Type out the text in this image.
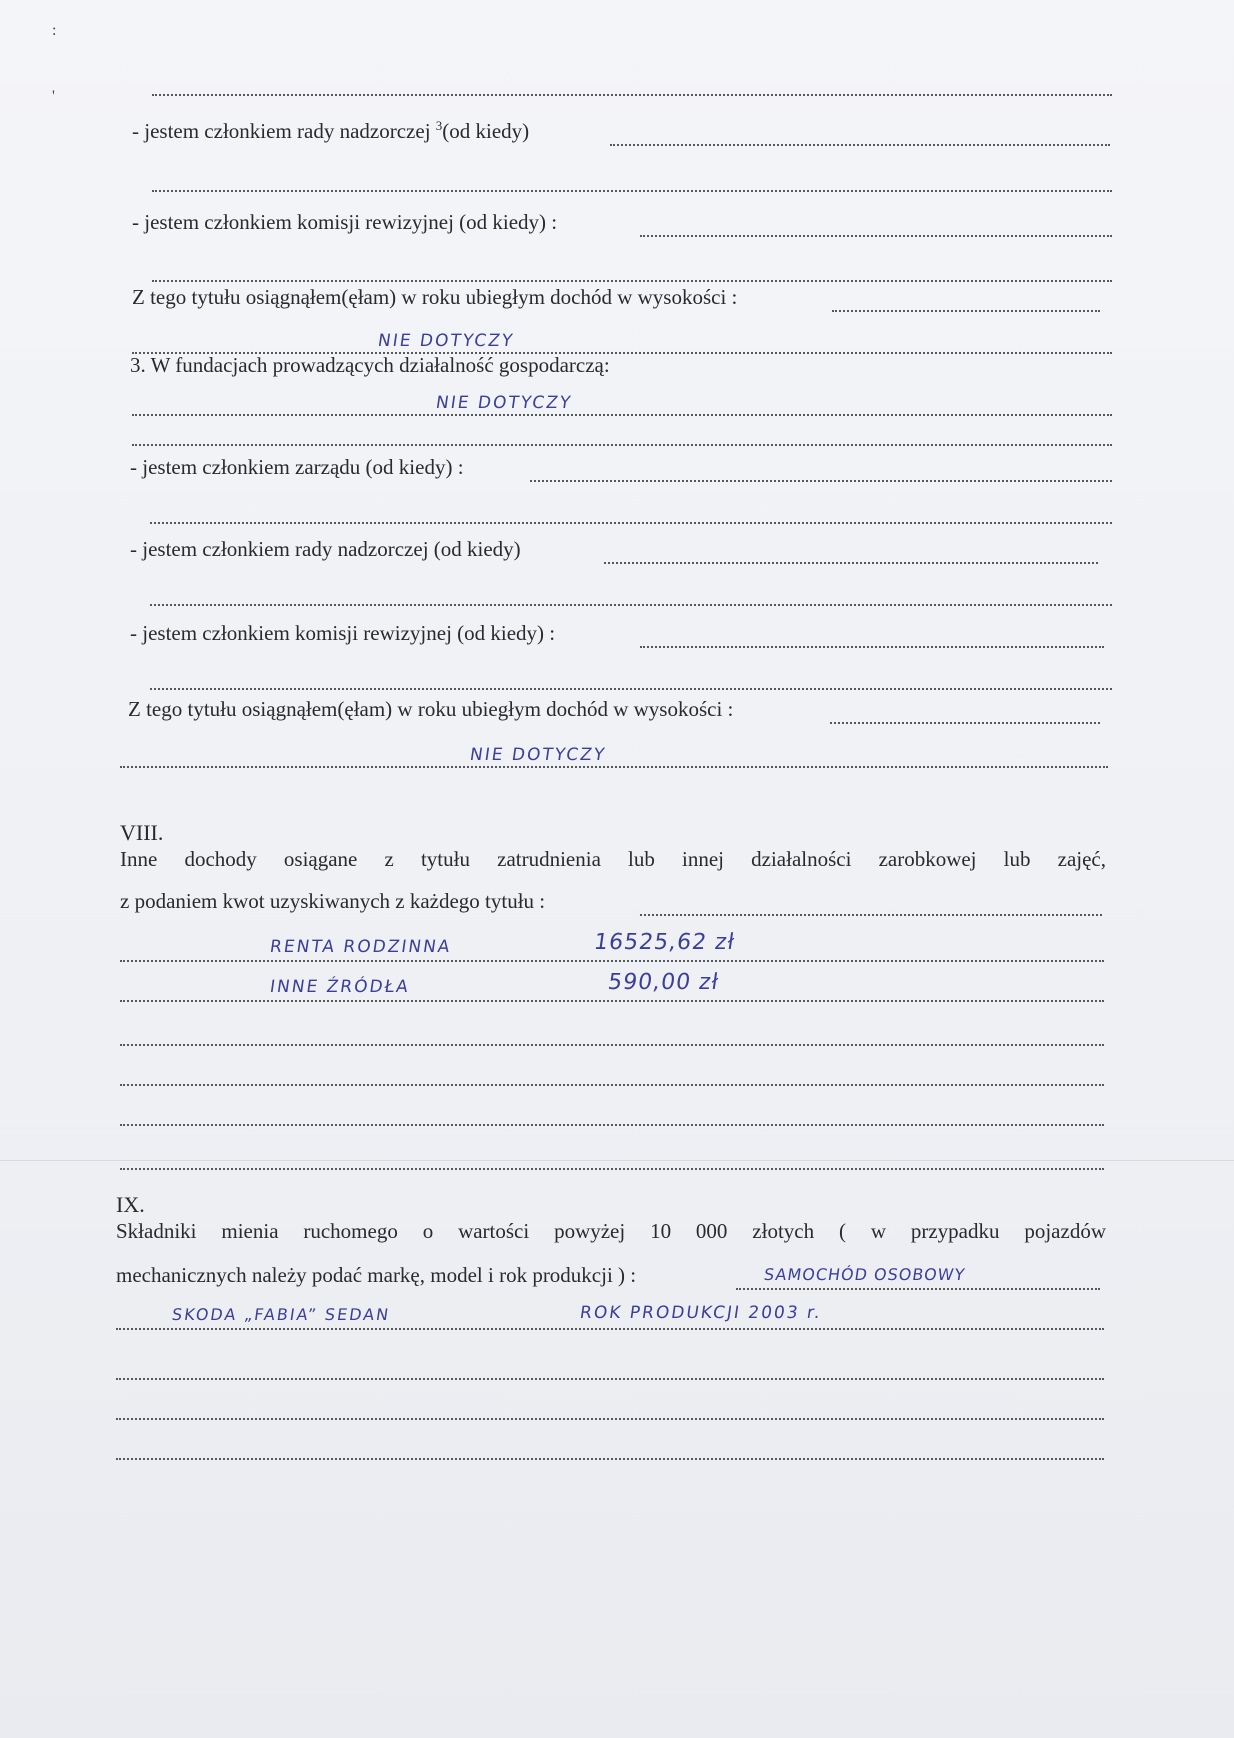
:
'
- jestem członkiem rady nadzorczej $^3$(od kiedy)
- jestem członkiem komisji rewizyjnej (od kiedy) :
Z tego tytułu osiągnąłem(ęłam) w roku ubiegłym dochód w wysokości :
NIE DOTYCZY
3. W fundacjach prowadzących działalność gospodarczą:
NIE DOTYCZY
- jestem członkiem zarządu (od kiedy) :
- jestem członkiem rady nadzorczej (od kiedy)
- jestem członkiem komisji rewizyjnej (od kiedy) :
Z tego tytułu osiągnąłem(ęłam) w roku ubiegłym dochód w wysokości :
NIE DOTYCZY
VIII.
Inne dochody osiągane z tytułu zatrudnienia lub innej działalności zarobkowej lub zajęć,
z podaniem kwot uzyskiwanych z każdego tytułu :
RENTA RODZINNA	16525,62 zł
INNE ŹRÓDŁA	590,00 zł
IX.
Składniki mienia ruchomego o wartości powyżej 10 000 złotych ( w przypadku pojazdów
mechanicznych należy podać markę, model i rok produkcji ) :	SAMOCHÓD OSOBOWY
SKODA „FABIA” SEDAN	ROK PRODUKCJI 2003 r.
